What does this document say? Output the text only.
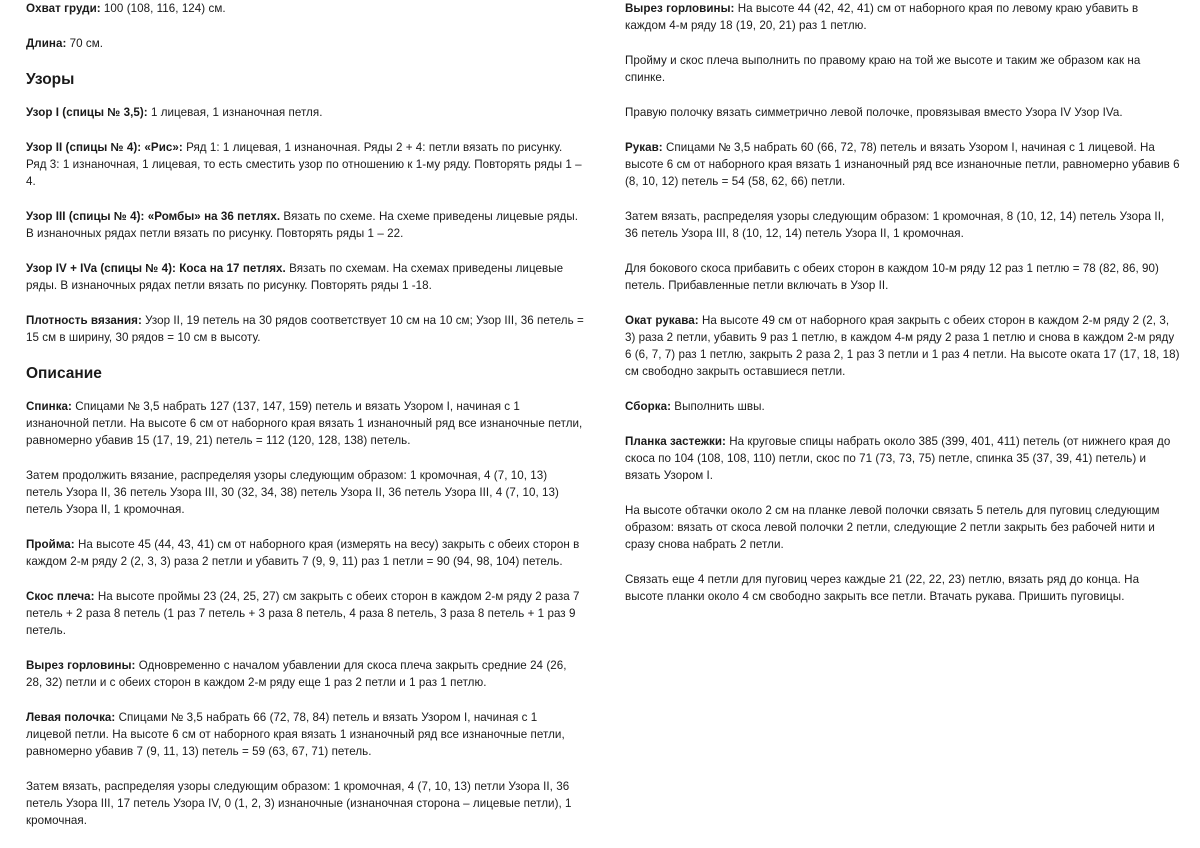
Охват груди: 100 (108, 116, 124) см.

Длина: 70 см.

Узоры

Узор I (спицы № 3,5): 1 лицевая, 1 изнаночная петля.

Узор II (спицы № 4): «Рис»: Ряд 1: 1 лицевая, 1 изнаночная. Ряды 2 + 4: петли вязать по рисунку. Ряд 3: 1 изнаночная, 1 лицевая, то есть сместить узор по отношению к 1-му ряду. Повторять ряды 1 – 4.

Узор III (спицы № 4): «Ромбы» на 36 петлях. Вязать по схеме. На схеме приведены лицевые ряды. В изнаночных рядах петли вязать по рисунку. Повторять ряды 1 – 22.

Узор IV + IVa (спицы № 4): Коса на 17 петлях. Вязать по схемам. На схемах приведены лицевые ряды. В изнаночных рядах петли вязать по рисунку. Повторять ряды 1 -18.

Плотность вязания: Узор II, 19 петель на 30 рядов соответствует 10 см на 10 см; Узор III, 36 петель = 15 см в ширину, 30 рядов = 10 см в высоту.

Описание

Спинка: Спицами № 3,5 набрать 127 (137, 147, 159) петель и вязать Узором I, начиная с 1 изнаночной петли. На высоте 6 см от наборного края вязать 1 изнаночный ряд все изнаночные петли, равномерно убавив 15 (17, 19, 21) петель = 112 (120, 128, 138) петель.

Затем продолжить вязание, распределяя узоры следующим образом: 1 кромочная, 4 (7, 10, 13) петель Узора II, 36 петель Узора III, 30 (32, 34, 38) петель Узора II, 36 петель Узора III, 4 (7, 10, 13) петель Узора II, 1 кромочная.

Пройма: На высоте 45 (44, 43, 41) см от наборного края (измерять на весу) закрыть с обеих сторон в каждом 2-м ряду 2 (2, 3, 3) раза 2 петли и убавить 7 (9, 9, 11) раз 1 петли = 90 (94, 98, 104) петель.

Скос плеча: На высоте проймы 23 (24, 25, 27) см закрыть с обеих сторон в каждом 2-м ряду 2 раза 7 петель + 2 раза 8 петель (1 раз 7 петель + 3 раза 8 петель, 4 раза 8 петель, 3 раза 8 петель + 1 раз 9 петель.

Вырез горловины: Одновременно с началом убавлении для скоса плеча закрыть средние 24 (26, 28, 32) петли и с обеих сторон в каждом 2-м ряду еще 1 раз 2 петли и 1 раз 1 петлю.

Левая полочка: Спицами № 3,5 набрать 66 (72, 78, 84) петель и вязать Узором I, начиная с 1 лицевой петли. На высоте 6 см от наборного края вязать 1 изнаночный ряд все изнаночные петли, равномерно убавив 7 (9, 11, 13) петель = 59 (63, 67, 71) петель.

Затем вязать, распределяя узоры следующим образом: 1 кромочная, 4 (7, 10, 13) петли Узора II, 36 петель Узора III, 17 петель Узора IV, 0 (1, 2, 3) изнаночные (изнаночная сторона – лицевые петли), 1 кромочная.

Вырез горловины: На высоте 44 (42, 42, 41) см от наборного края по левому краю убавить в каждом 4-м ряду 18 (19, 20, 21) раз 1 петлю.

Пройму и скос плеча выполнить по правому краю на той же высоте и таким же образом как на спинке.

Правую полочку вязать симметрично левой полочке, провязывая вместо Узора IV Узор IVa.

Рукав: Спицами № 3,5 набрать 60 (66, 72, 78) петель и вязать Узором I, начиная с 1 лицевой. На высоте 6 см от наборного края вязать 1 изнаночный ряд все изнаночные петли, равномерно убавив 6 (8, 10, 12) петель = 54 (58, 62, 66) петли.

Затем вязать, распределяя узоры следующим образом: 1 кромочная, 8 (10, 12, 14) петель Узора II, 36 петель Узора III, 8 (10, 12, 14) петель Узора II, 1 кромочная.

Для бокового скоса прибавить с обеих сторон в каждом 10-м ряду 12 раз 1 петлю = 78 (82, 86, 90) петель. Прибавленные петли включать в Узор II.

Окат рукава: На высоте 49 см от наборного края закрыть с обеих сторон в каждом 2-м ряду 2 (2, 3, 3) раза 2 петли, убавить 9 раз 1 петлю, в каждом 4-м ряду 2 раза 1 петлю и снова в каждом 2-м ряду 6 (6, 7, 7) раз 1 петлю, закрыть 2 раза 2, 1 раз 3 петли и 1 раз 4 петли. На высоте оката 17 (17, 18, 18) см свободно закрыть оставшиеся петли.

Сборка: Выполнить швы.

Планка застежки: На круговые спицы набрать около 385 (399, 401, 411) петель (от нижнего края до скоса по 104 (108, 108, 110) петли, скос по 71 (73, 73, 75) петле, спинка 35 (37, 39, 41) петель) и вязать Узором I.

На высоте обтачки около 2 см на планке левой полочки связать 5 петель для пуговиц следующим образом: вязать от скоса левой полочки 2 петли, следующие 2 петли закрыть без рабочей нити и сразу снова набрать 2 петли.

Связать еще 4 петли для пуговиц через каждые 21 (22, 22, 23) петлю, вязать ряд до конца. На высоте планки около 4 см свободно закрыть все петли. Втачать рукава. Пришить пуговицы.
